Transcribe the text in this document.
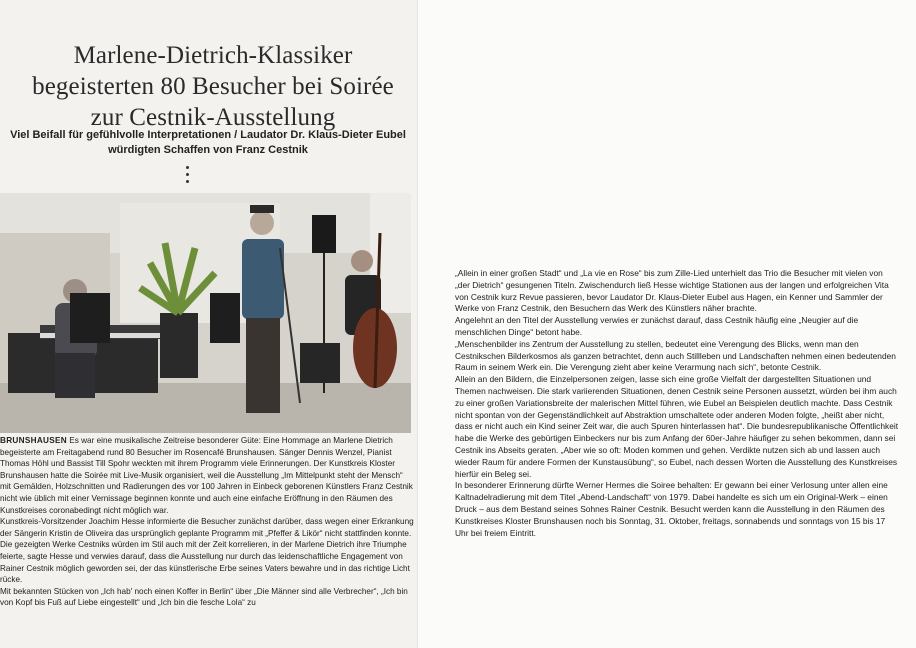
Marlene-Dietrich-Klassiker
begeisterten 80 Besucher bei Soirée
zur Cestnik-Ausstellung
Viel Beifall für gefühlvolle Interpretationen / Laudator Dr. Klaus-Dieter Eubel
würdigten Schaffen von Franz Cestnik

BRUNSHAUSEN Es war eine musikalische Zeitreise besonderer Güte: Eine Hommage an Marlene Dietrich begeisterte am Freitagabend rund 80 Besucher im Rosencafé Brunshausen. Sänger Dennis Wenzel, Pianist Thomas Höhl und Bassist Till Spohr weckten mit ihrem Programm viele Erinnerungen. Der Kunstkreis Kloster Brunshausen hatte die Soirée mit Live-Musik organisiert, weil die Ausstellung „Im Mittelpunkt steht der Mensch“ mit Gemälden, Holzschnitten und Radierungen des vor 100 Jahren in Einbeck geborenen Künstlers Franz Cestnik nicht wie üblich mit einer Vernissage beginnen konnte und auch eine einfache Eröffnung in den Räumen des Kunstkreises coronabedingt nicht möglich war.

Kunstkreis-Vorsitzender Joachim Hesse informierte die Besucher zunächst darüber, dass wegen einer Erkrankung der Sängerin Kristin de Oliveira das ursprünglich geplante Programm mit „Pfeffer & Likör“ nicht stattfinden konnte. Die gezeigten Werke Cestniks würden im Stil auch mit der Zeit korrelieren, in der Marlene Dietrich ihre Triumphe feierte, sagte Hesse und verwies darauf, dass die Ausstellung nur durch das leidenschaftliche Engagement von Rainer Cestnik möglich geworden sei, der das künstlerische Erbe seines Vaters bewahre und in das richtige Licht rücke.

Mit bekannten Stücken von „Ich hab' noch einen Koffer in Berlin“ über „Die Männer sind alle Verbrecher“, „Ich bin von Kopf bis Fuß auf Liebe eingestellt“ und „Ich bin die fesche Lola“ zu

„Allein in einer großen Stadt“ und „La vie en Rose“ bis zum Zille-Lied unterhielt das Trio die Besucher mit vielen von „der Dietrich“ gesungenen Titeln. Zwischendurch ließ Hesse wichtige Stationen aus der langen und erfolgreichen Vita von Cestnik kurz Revue passieren, bevor Laudator Dr. Klaus-Dieter Eubel aus Hagen, ein Kenner und Sammler der Werke von Franz Cestnik, den Besuchern das Werk des Künstlers näher brachte.

Angelehnt an den Titel der Ausstellung verwies er zunächst darauf, dass Cestnik häufig eine „Neugier auf die menschlichen Dinge“ betont habe.

„Menschenbilder ins Zentrum der Ausstellung zu stellen, bedeutet eine Verengung des Blicks, wenn man den Cestnikschen Bilderkosmos als ganzen betrachtet, denn auch Stillleben und Landschaften nehmen einen bedeutenden Raum in seinem Werk ein. Die Verengung zieht aber keine Verarmung nach sich“, betonte Cestnik.

Allein an den Bildern, die Einzelpersonen zeigen, lasse sich eine große Vielfalt der dargestellten Situationen und Themen nachweisen. Die stark variierenden Situationen, denen Cestnik seine Personen aussetzt, würden bei ihm auch zu einer großen Variationsbreite der malerischen Mittel führen, wie Eubel an Beispielen deutlich machte. Dass Cestnik nicht spontan von der Gegenständlichkeit auf Abstraktion umschaltete oder anderen Moden folgte, „heißt aber nicht, dass er nicht auch ein Kind seiner Zeit war, die auch Spuren hinterlassen hat“. Die bundesrepublikanische Öffentlichkeit habe die Werke des gebürtigen Einbeckers nur bis zum Anfang der 60er-Jahre häufiger zu sehen bekommen, dann sei Cestnik ins Abseits geraten. „Aber wie so oft: Moden kommen und gehen. Verdikte nutzen sich ab und lassen auch wieder Raum für andere Formen der Kunstausübung“, so Eubel, nach dessen Worten die Ausstellung des Kunstkreises hierfür ein Beleg sei.

In besonderer Erinnerung dürfte Werner Hermes die Soiree behalten: Er gewann bei einer Verlosung unter allen eine Kaltnadelradierung mit dem Titel „Abend-Landschaft“ von 1979. Dabei handelte es sich um ein Original-Werk – einen Druck – aus dem Bestand seines Sohnes Rainer Cestnik. Besucht werden kann die Ausstellung in den Räumen des Kunstkreises Kloster Brunshausen noch bis Sonntag, 31. Oktober, freitags, sonnabends und sonntags von 15 bis 17 Uhr bei freiem Eintritt.
